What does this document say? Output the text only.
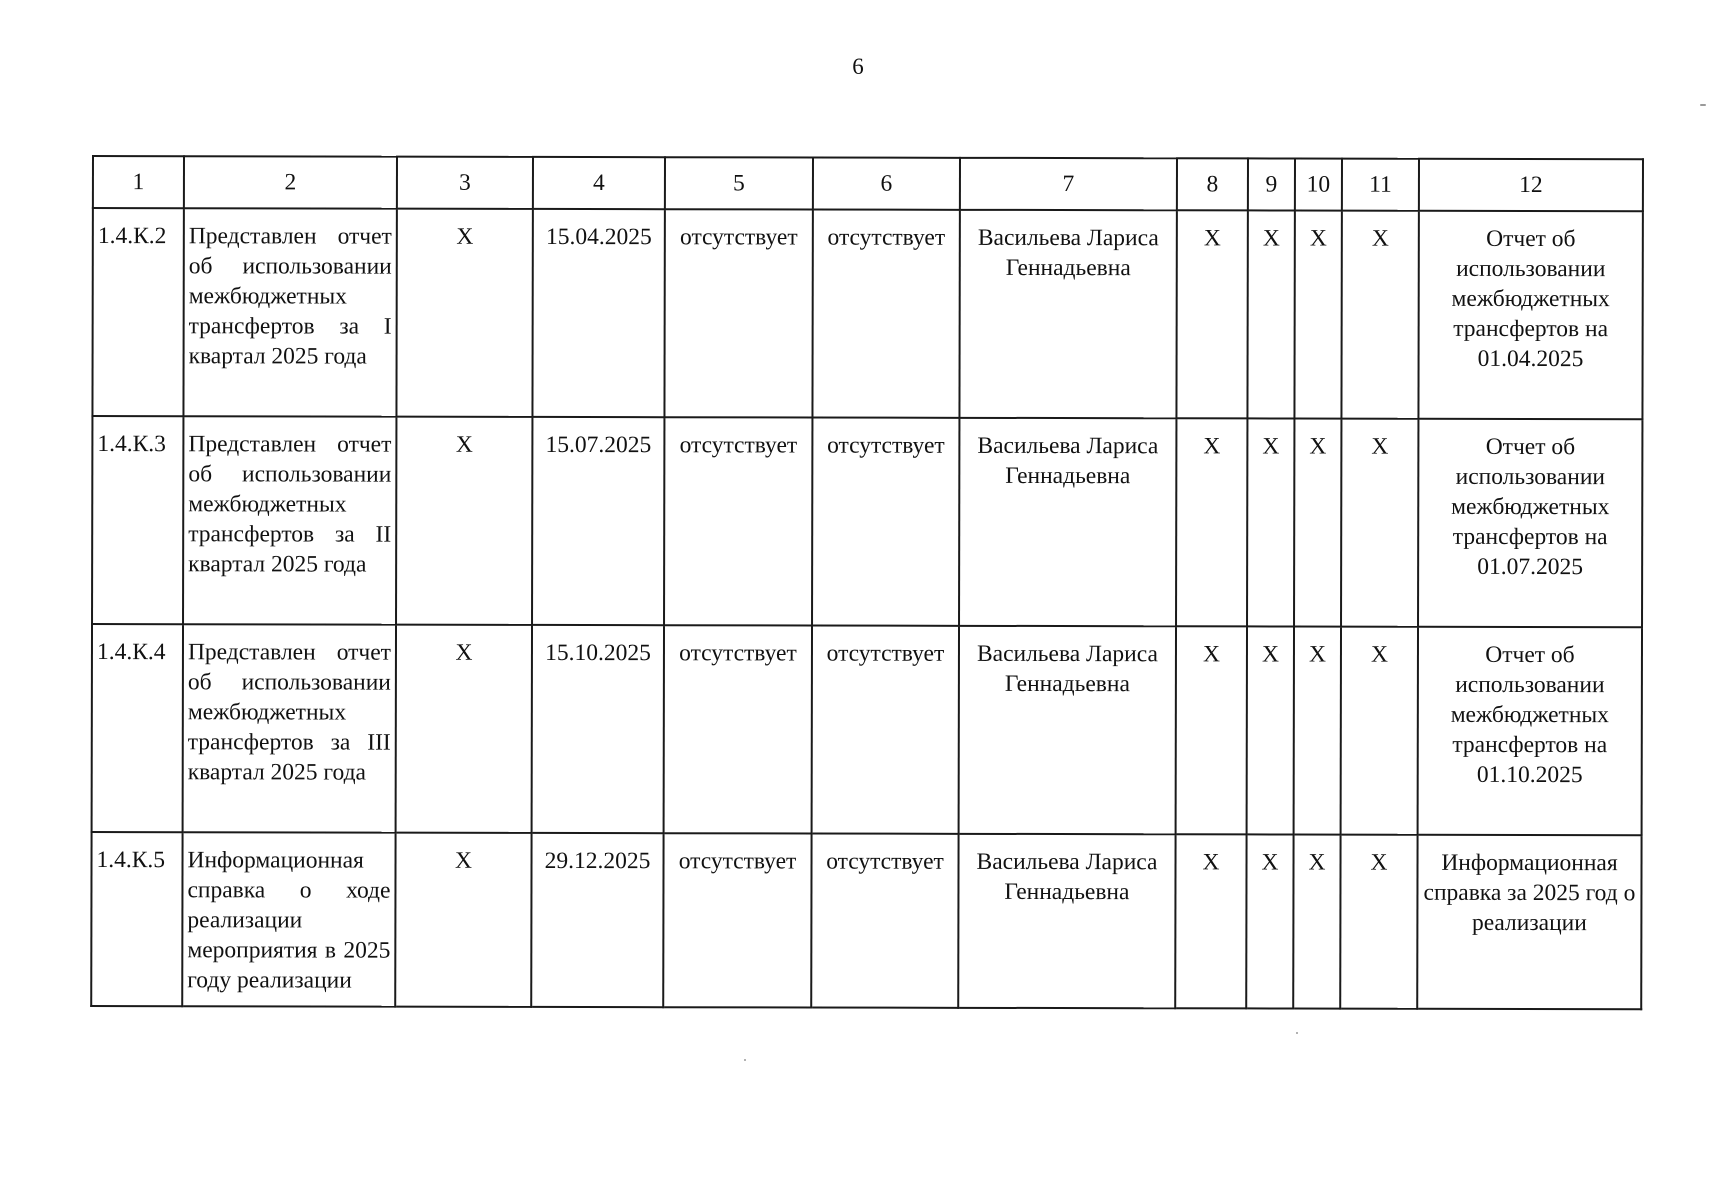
6
1	2	3	4	5	6	7	8	9	10	11	12
1.4.К.2	Представлен отчет об использовании межбюджетных трансфертов за I квартал 2025 года	X	15.04.2025	отсутствует	отсутствует	Васильева Лариса Геннадьевна	X	X	X	X	Отчет об использовании межбюджетных трансфертов на 01.04.2025
1.4.К.3	Представлен отчет об использовании межбюджетных трансфертов за II квартал 2025 года	X	15.07.2025	отсутствует	отсутствует	Васильева Лариса Геннадьевна	X	X	X	X	Отчет об использовании межбюджетных трансфертов на 01.07.2025
1.4.К.4	Представлен отчет об использовании межбюджетных трансфертов за III квартал 2025 года	X	15.10.2025	отсутствует	отсутствует	Васильева Лариса Геннадьевна	X	X	X	X	Отчет об использовании межбюджетных трансфертов на 01.10.2025
1.4.К.5	Информационная справка о ходе реализации мероприятия в 2025 году реализации	X	29.12.2025	отсутствует	отсутствует	Васильева Лариса Геннадьевна	X	X	X	X	Информационная справка за 2025 год о реализации
